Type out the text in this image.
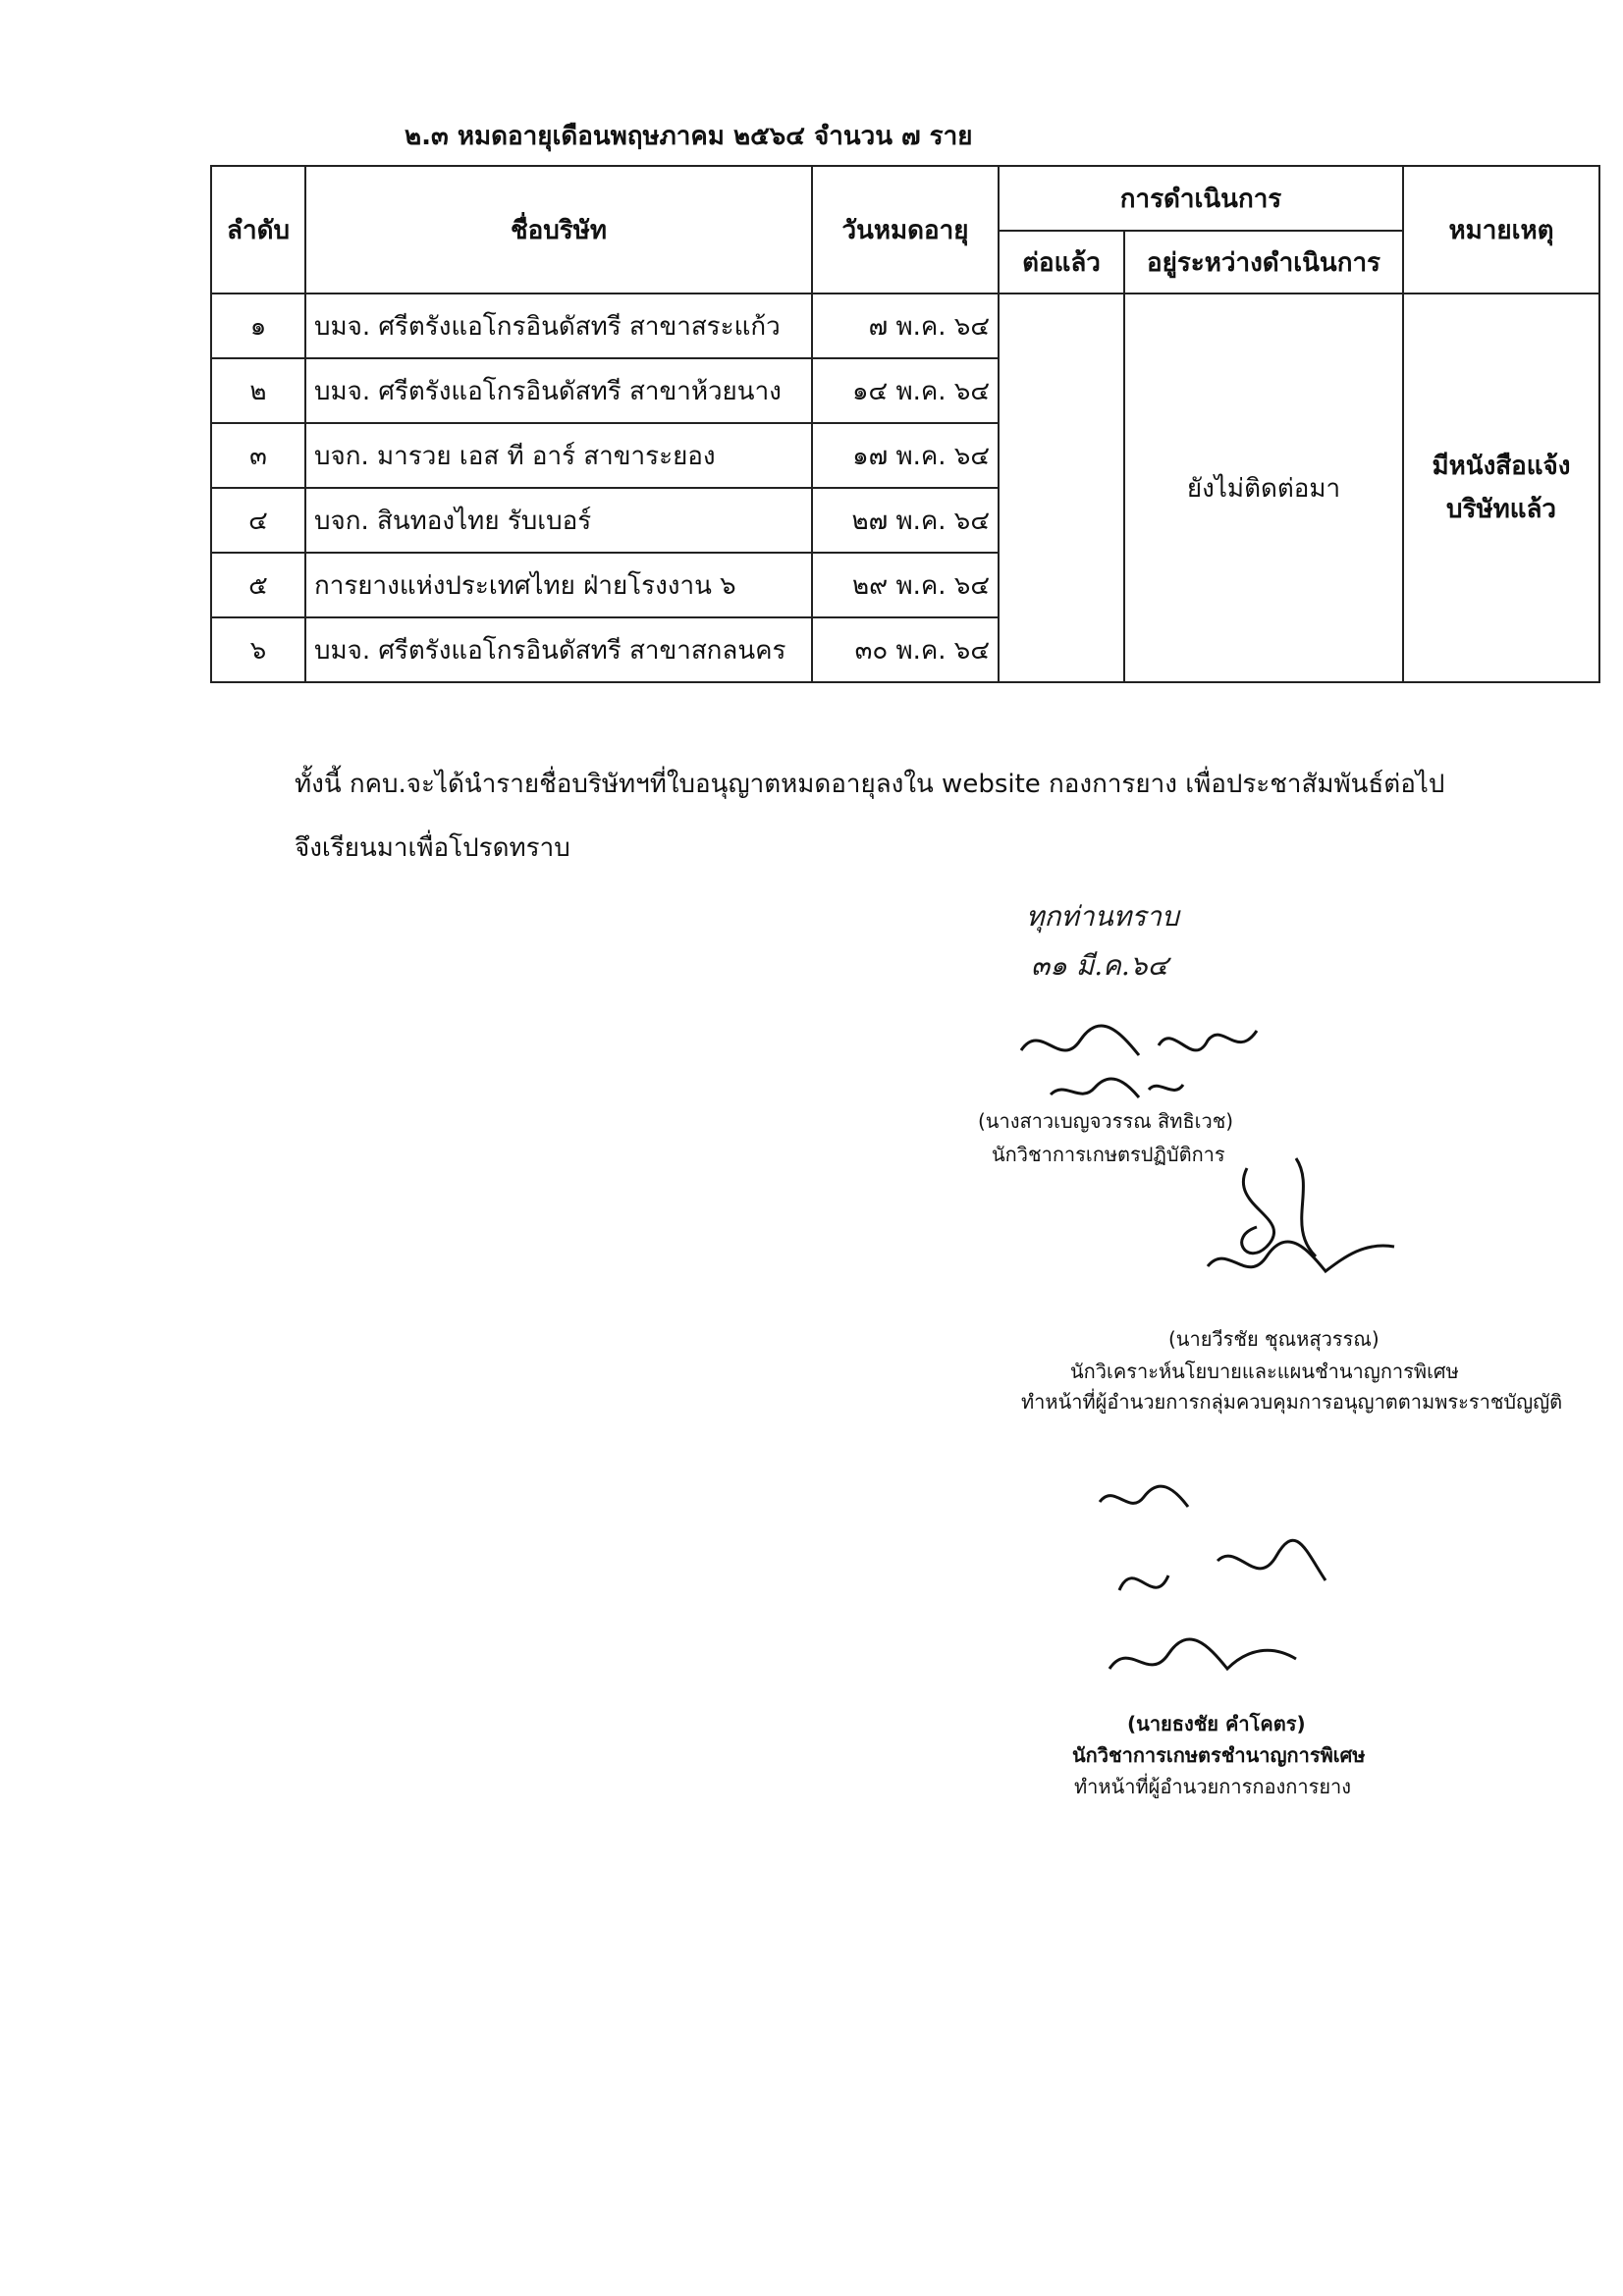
๒.๓ หมดอายุเดือนพฤษภาคม ๒๕๖๔ จำนวน ๗ ราย
ลำดับ	ชื่อบริษัท	วันหมดอายุ	การดำเนินการ		หมายเหตุ
			ต่อแล้ว	อยู่ระหว่างดำเนินการ	
๑	บมจ. ศรีตรังแอโกรอินดัสทรี สาขาสระแก้ว	๗ พ.ค. ๖๔		ยังไม่ติดต่อมา	มีหนังสือแจ้ง
บริษัทแล้ว

๒	บมจ. ศรีตรังแอโกรอินดัสทรี สาขาห้วยนาง	๑๔ พ.ค. ๖๔			
๓	บจก. มารวย เอส ที อาร์ สาขาระยอง	๑๗ พ.ค. ๖๔			
๔	บจก. สินทองไทย รับเบอร์	๒๗ พ.ค. ๖๔			
๕	การยางแห่งประเทศไทย ฝ่ายโรงงาน ๖	๒๙ พ.ค. ๖๔			
๖	บมจ. ศรีตรังแอโกรอินดัสทรี สาขาสกลนคร	๓๐ พ.ค. ๖๔			
ทั้งนี้ กคบ.จะได้นำรายชื่อบริษัทฯที่ใบอนุญาตหมดอายุลงใน website กองการยาง เพื่อประชาสัมพันธ์ต่อไป
จึงเรียนมาเพื่อโปรดทราบ
ทุกท่านทราบ
๓๑ มี.ค.๖๔
(นางสาวเบญจวรรณ สิทธิเวช)
นักวิชาการเกษตรปฏิบัติการ
(นายวีรชัย ชุณหสุวรรณ)
นักวิเคราะห์นโยบายและแผนชำนาญการพิเศษ
ทำหน้าที่ผู้อำนวยการกลุ่มควบคุมการอนุญาตตามพระราชบัญญัติ
(นายธงชัย คำโคตร)
นักวิชาการเกษตรชำนาญการพิเศษ
ทำหน้าที่ผู้อำนวยการกองการยาง
